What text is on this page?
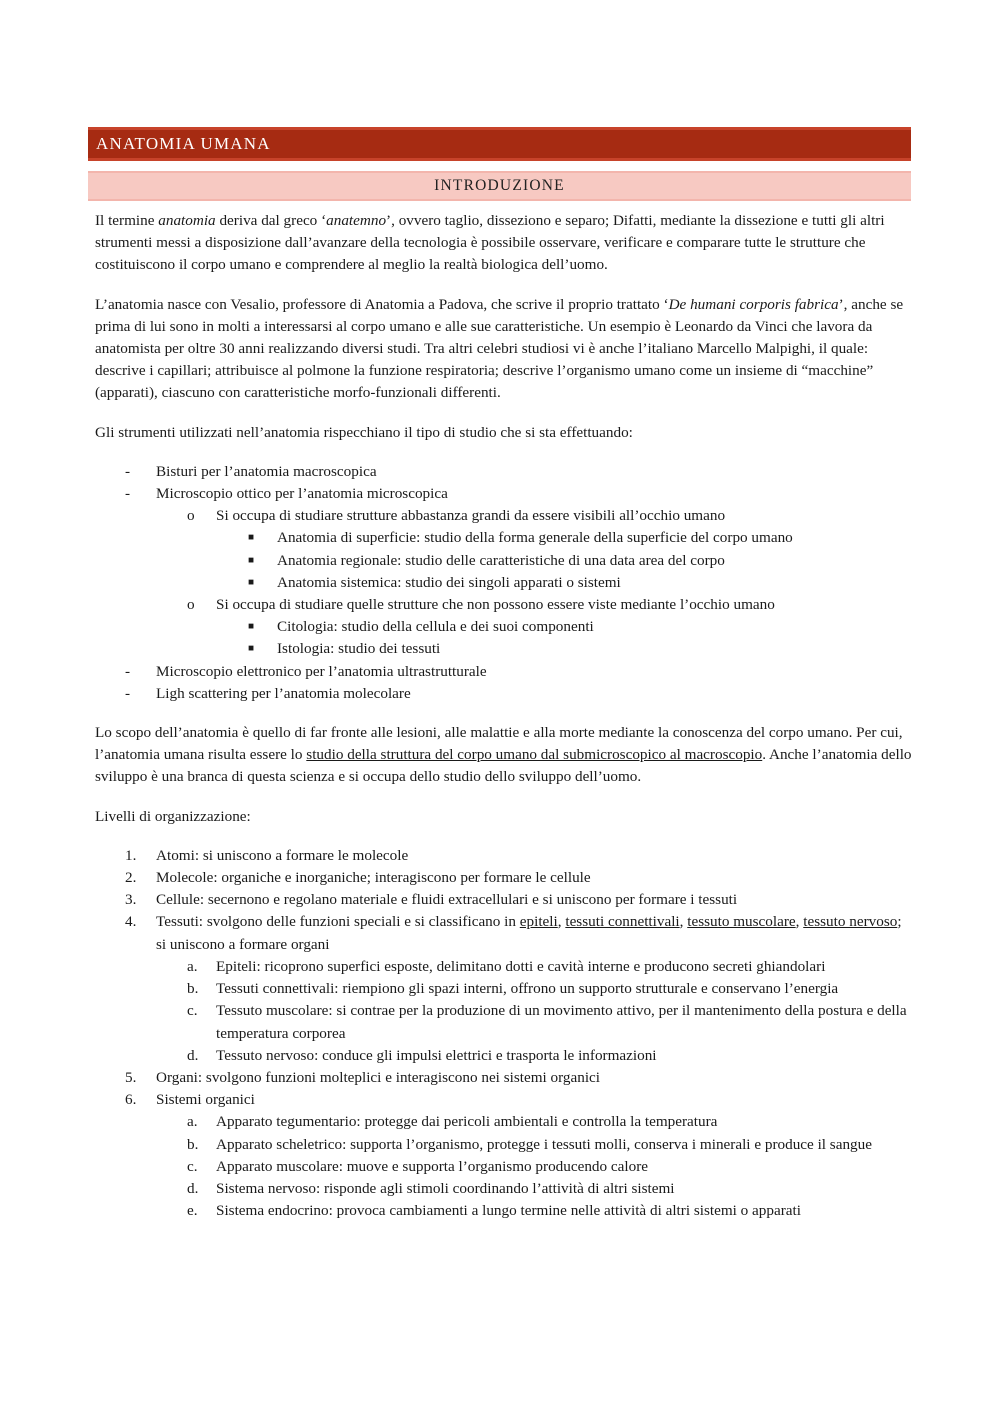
ANATOMIA UMANA
INTRODUZIONE

Il termine anatomia deriva dal greco ‘anatemno’, ovvero taglio, disseziono e separo; Difatti, mediante la dissezione e tutti gli altri strumenti messi a disposizione dall’avanzare della tecnologia è possibile osservare, verificare e comparare tutte le strutture che costituiscono il corpo umano e comprendere al meglio la realtà biologica dell’uomo.

L’anatomia nasce con Vesalio, professore di Anatomia a Padova, che scrive il proprio trattato ‘De humani corporis fabrica’, anche se prima di lui sono in molti a interessarsi al corpo umano e alle sue caratteristiche. Un esempio è Leonardo da Vinci che lavora da anatomista per oltre 30 anni realizzando diversi studi. Tra altri celebri studiosi vi è anche l’italiano Marcello Malpighi, il quale: descrive i capillari; attribuisce al polmone la funzione respiratoria; descrive l’organismo umano come un insieme di “macchine” (apparati), ciascuno con caratteristiche morfo-funzionali differenti.

Gli strumenti utilizzati nell’anatomia rispecchiano il tipo di studio che si sta effettuando:

- Bisturi per l’anatomia macroscopica
- Microscopio ottico per l’anatomia microscopica
o Si occupa di studiare strutture abbastanza grandi da essere visibili all’occhio umano
■ Anatomia di superficie: studio della forma generale della superficie del corpo umano
■ Anatomia regionale: studio delle caratteristiche di una data area del corpo
■ Anatomia sistemica: studio dei singoli apparati o sistemi
o Si occupa di studiare quelle strutture che non possono essere viste mediante l’occhio umano
■ Citologia: studio della cellula e dei suoi componenti
■ Istologia: studio dei tessuti
- Microscopio elettronico per l’anatomia ultrastrutturale
- Ligh scattering per l’anatomia molecolare

Lo scopo dell’anatomia è quello di far fronte alle lesioni, alle malattie e alla morte mediante la conoscenza del corpo umano. Per cui, l’anatomia umana risulta essere lo studio della struttura del corpo umano dal submicroscopico al macroscopio. Anche l’anatomia dello sviluppo è una branca di questa scienza e si occupa dello studio dello sviluppo dell’uomo.

Livelli di organizzazione:

1. Atomi: si uniscono a formare le molecole
2. Molecole: organiche e inorganiche; interagiscono per formare le cellule
3. Cellule: secernono e regolano materiale e fluidi extracellulari e si uniscono per formare i tessuti
4. Tessuti: svolgono delle funzioni speciali e si classificano in epiteli, tessuti connettivali, tessuto muscolare, tessuto nervoso; si uniscono a formare organi
a. Epiteli: ricoprono superfici esposte, delimitano dotti e cavità interne e producono secreti ghiandolari
b. Tessuti connettivali: riempiono gli spazi interni, offrono un supporto strutturale e conservano l’energia
c. Tessuto muscolare: si contrae per la produzione di un movimento attivo, per il mantenimento della postura e della temperatura corporea
d. Tessuto nervoso: conduce gli impulsi elettrici e trasporta le informazioni
5. Organi: svolgono funzioni molteplici e interagiscono nei sistemi organici
6. Sistemi organici
a. Apparato tegumentario: protegge dai pericoli ambientali e controlla la temperatura
b. Apparato scheletrico: supporta l’organismo, protegge i tessuti molli, conserva i minerali e produce il sangue
c. Apparato muscolare: muove e supporta l’organismo producendo calore
d. Sistema nervoso: risponde agli stimoli coordinando l’attività di altri sistemi
e. Sistema endocrino: provoca cambiamenti a lungo termine nelle attività di altri sistemi o apparati
